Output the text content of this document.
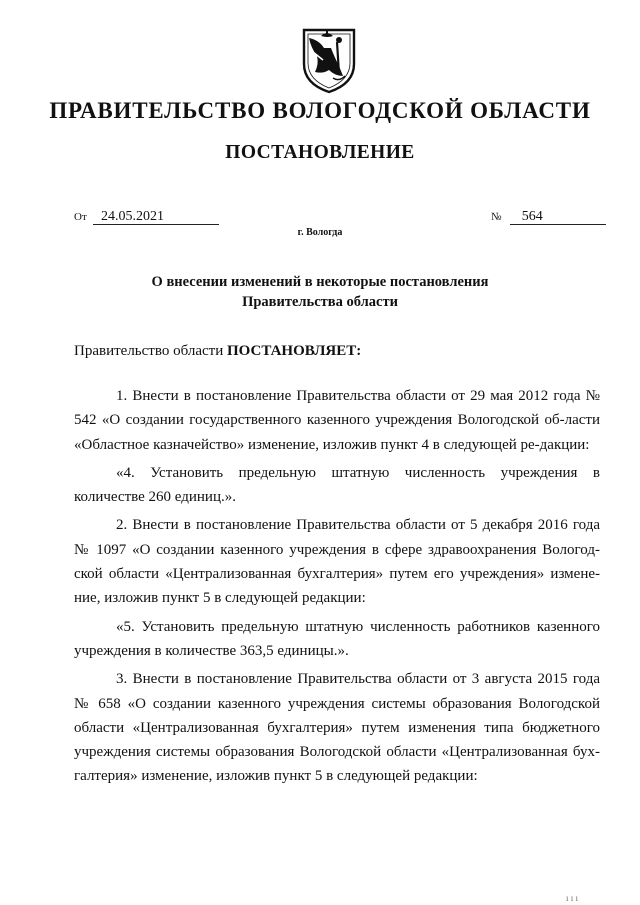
ПРАВИТЕЛЬСТВО ВОЛОГОДСКОЙ ОБЛАСТИ
ПОСТАНОВЛЕНИЕ
От 24.05.2021	№ 564
г. Вологда
О внесении изменений в некоторые постановления
Правительства области
Правительство области ПОСТАНОВЛЯЕТ:

1. Внести в постановление Правительства области от 29 мая 2012 года № 542 «О создании государственного казенного учреждения Вологодской об-ласти «Областное казначейство» изменение, изложив пункт 4 в следующей ре-дакции:

«4. Установить предельную штатную численность учреждения в количестве 260 единиц.».

2. Внести в постановление Правительства области от 5 декабря 2016 года № 1097 «О создании казенного учреждения в сфере здравоохранения Вологод-ской области «Централизованная бухгалтерия» путем его учреждения» измене-ние, изложив пункт 5 в следующей редакции:

«5. Установить предельную штатную численность работников казенного учреждения в количестве 363,5 единицы.».

3. Внести в постановление Правительства области от 3 августа 2015 года № 658 «О создании казенного учреждения системы образования Вологодской области «Централизованная бухгалтерия» путем изменения типа бюджетного учреждения системы образования Вологодской области «Централизованная бух-галтерия» изменение, изложив пункт 5 в следующей редакции:

ı ı ı
